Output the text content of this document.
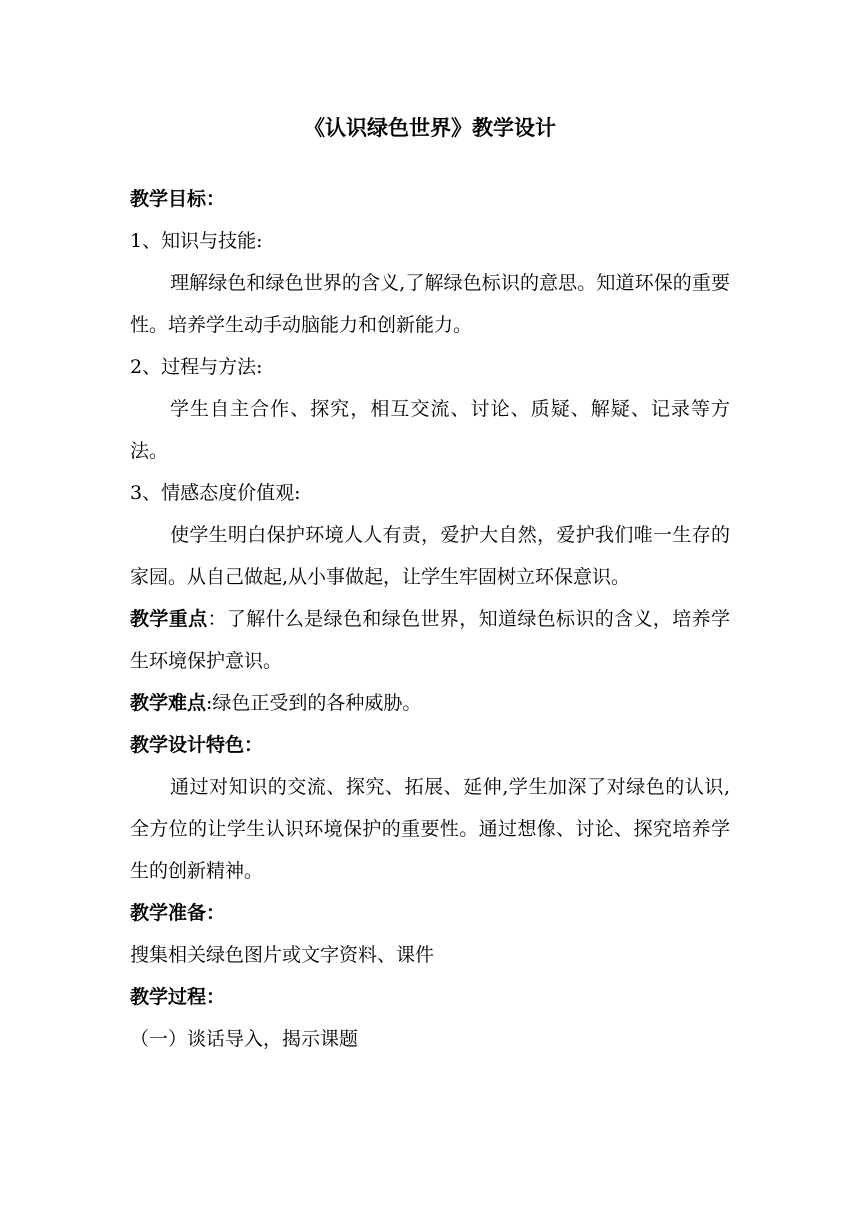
《认识绿色世界》教学设计

教学目标：

1、知识与技能:

理解绿色和绿色世界的含义,了解绿色标识的意思。知道环保的重要性。培养学生动手动脑能力和创新能力。

2、过程与方法:

学生自主合作、探究，相互交流、讨论、质疑、解疑、记录等方法。

3、情感态度价值观:

使学生明白保护环境人人有责，爱护大自然，爱护我们唯一生存的家园。从自己做起,从小事做起，让学生牢固树立环保意识。

教学重点：了解什么是绿色和绿色世界，知道绿色标识的含义，培养学生环境保护意识。

教学难点:绿色正受到的各种威胁。

教学设计特色：

通过对知识的交流、探究、拓展、延伸,学生加深了对绿色的认识,全方位的让学生认识环境保护的重要性。通过想像、讨论、探究培养学生的创新精神。

教学准备：

搜集相关绿色图片或文字资料、课件

教学过程：

（一）谈话导入，揭示课题
